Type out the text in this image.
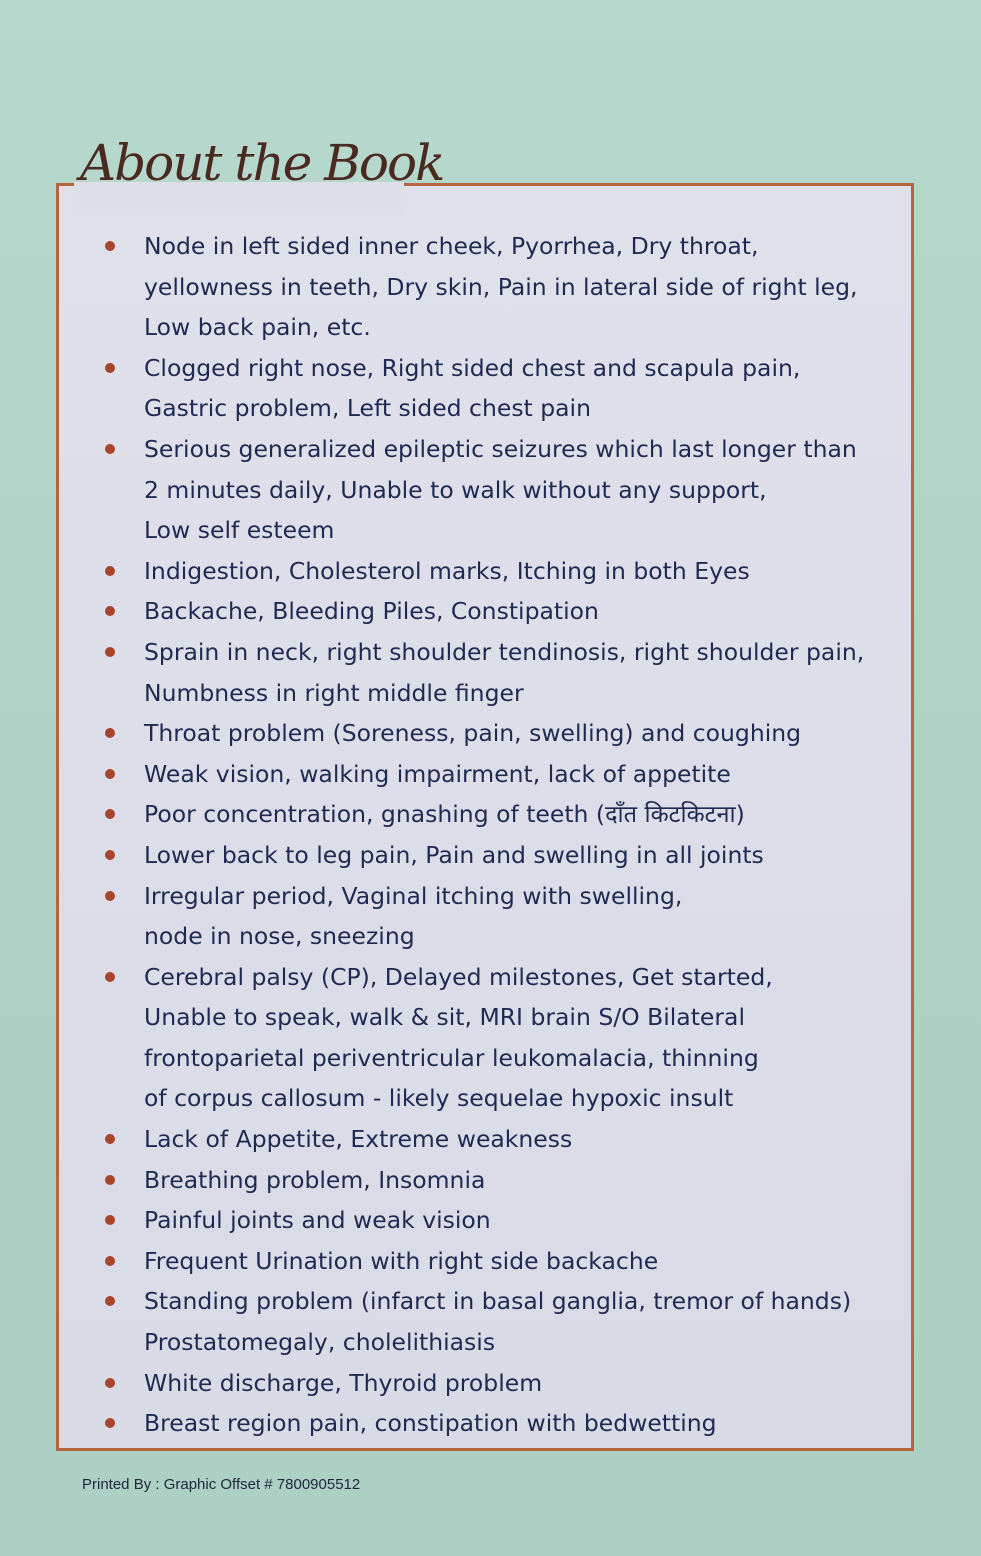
About the Book
Node in left sided inner cheek, Pyorrhea, Dry throat,
yellowness in teeth, Dry skin, Pain in lateral side of right leg,
Low back pain, etc.
Clogged right nose, Right sided chest and scapula pain,
Gastric problem, Left sided chest pain
Serious generalized epileptic seizures which last longer than
2 minutes daily, Unable to walk without any support,
Low self esteem
Indigestion, Cholesterol marks, Itching in both Eyes
Backache, Bleeding Piles, Constipation
Sprain in neck, right shoulder tendinosis, right shoulder pain,
Numbness in right middle finger
Throat problem (Soreness, pain, swelling) and coughing
Weak vision, walking impairment, lack of appetite
Poor concentration, gnashing of teeth (दाँत किटकिटना)
Lower back to leg pain, Pain and swelling in all joints
Irregular period, Vaginal itching with swelling,
node in nose, sneezing
Cerebral palsy (CP), Delayed milestones, Get started,
Unable to speak, walk & sit, MRI brain S/O Bilateral
frontoparietal periventricular leukomalacia, thinning
of corpus callosum - likely sequelae hypoxic insult
Lack of Appetite, Extreme weakness
Breathing problem, Insomnia
Painful joints and weak vision
Frequent Urination with right side backache
Standing problem (infarct in basal ganglia, tremor of hands)
Prostatomegaly, cholelithiasis
White discharge, Thyroid problem
Breast region pain, constipation with bedwetting
Printed By : Graphic Offset # 7800905512
